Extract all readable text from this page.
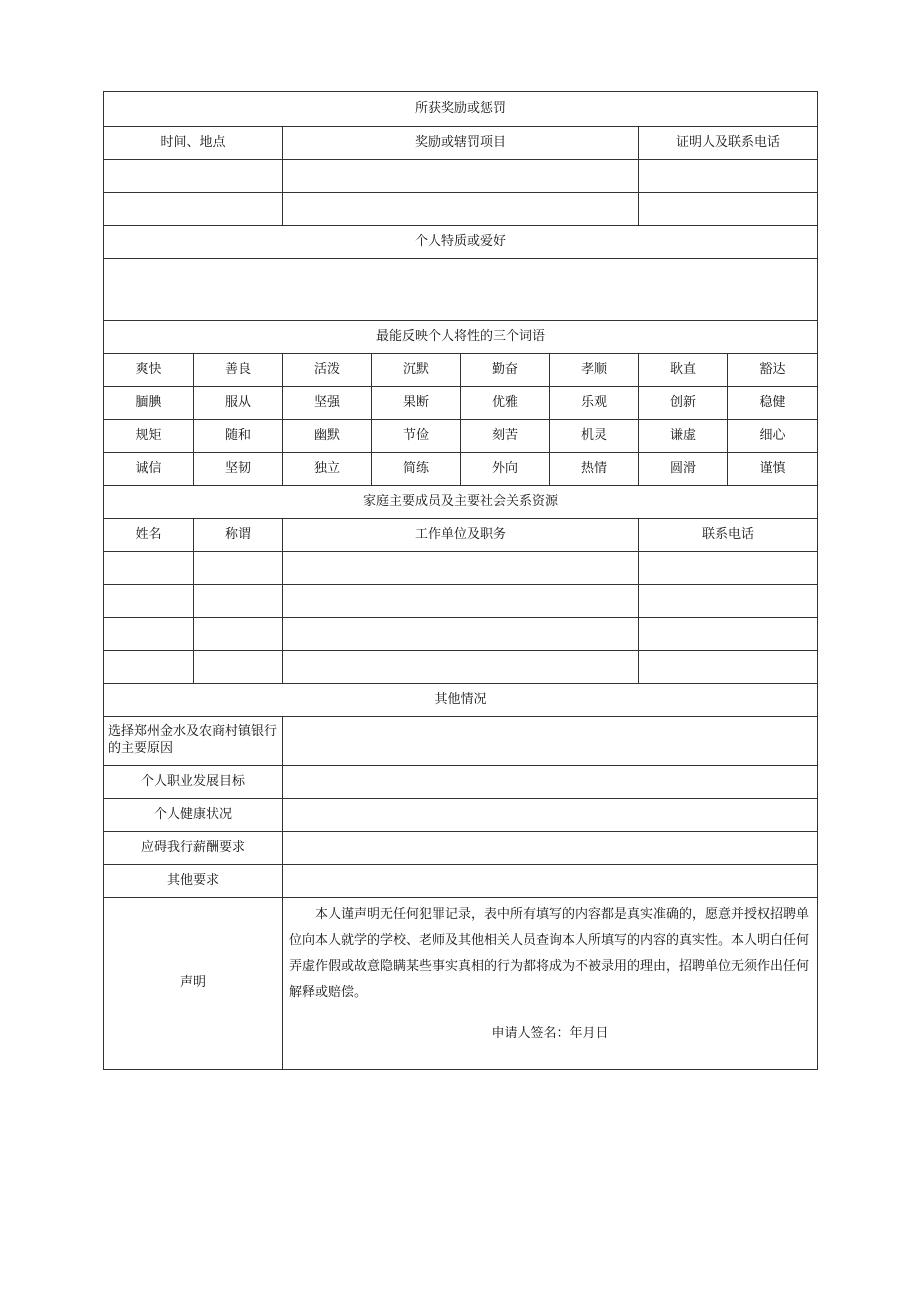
所获奖励或惩罚							
时间、地点		奖励或辖罚项目				证明人及联系电话	

个人特质或爱好							

最能反映个人将性的三个词语							
爽快	善良	活泼	沉默	勤奋	孝顺	耿直	豁达
腼腆	服从	坚强	果断	优雅	乐观	创新	稳健
规矩	随和	幽默	节俭	刻苦	机灵	谦虚	细心
诚信	坚韧	独立	简练	外向	热情	圆滑	谨慎
家庭主要成员及主要社会关系资源							
姓名	称谓	工作单位及职务				联系电话	

其他情况							
选择郑州金水及农商村镇银行的主要原因							
个人职业发展目标							
个人健康状况							
应碍我行薪酬要求							
其他要求							
声明		本人谨声明无任何犯罪记录，表中所有填写的内容都是真实准确的，愿意并授权招聘单位向本人就学的学校、老师及其他相关人员查询本人所填写的内容的真实性。本人明白任何弄虚作假或故意隐瞒某些事实真相的行为都将成为不被录用的理由，招聘单位无须作出任何解释或赔偿。

申请人签名：年月日					
